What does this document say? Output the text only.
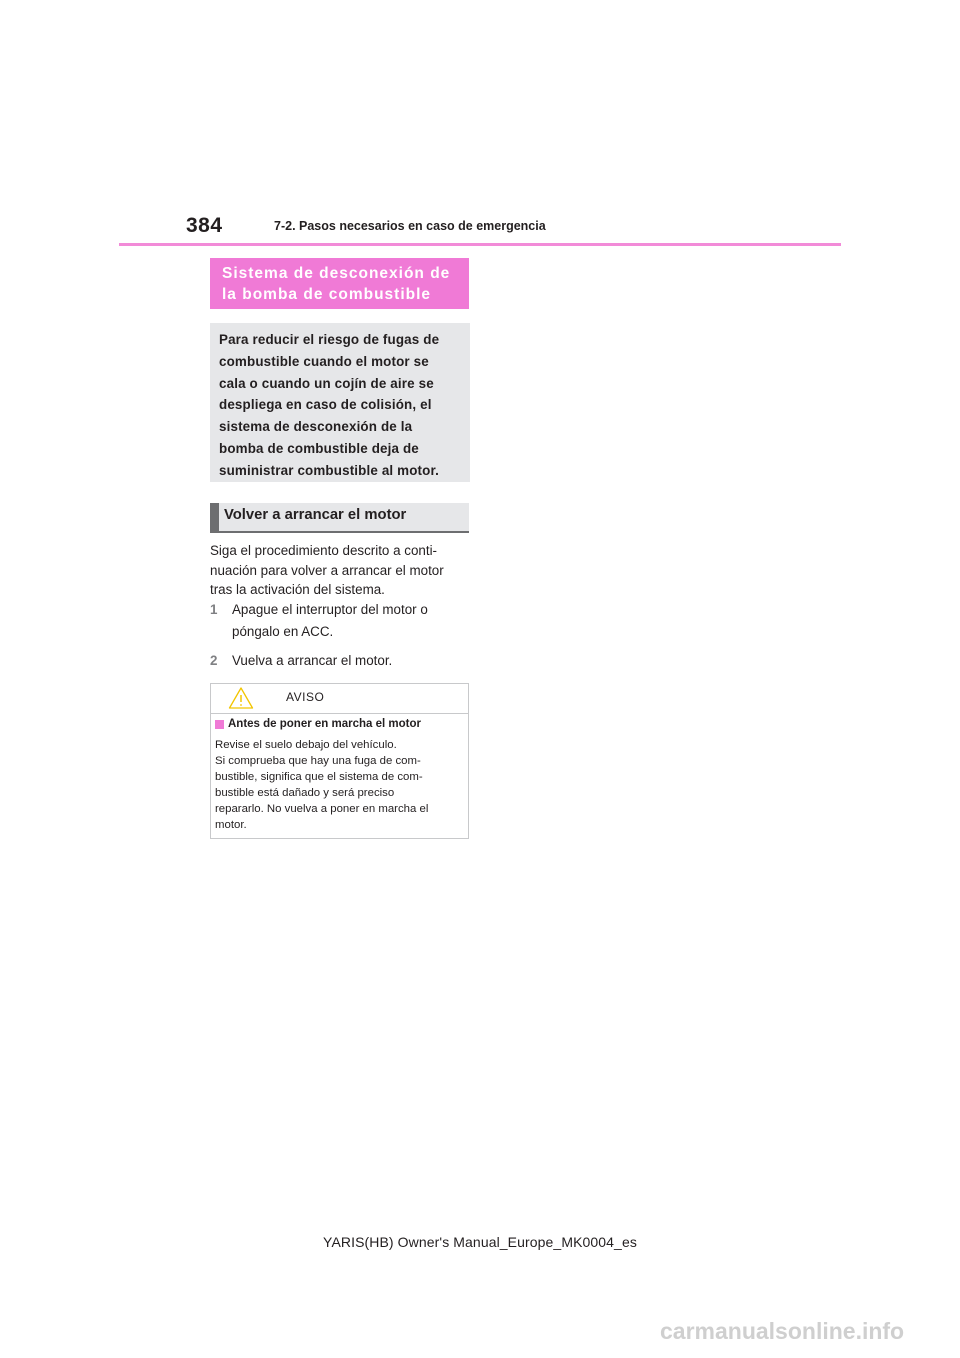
384	7-2. Pasos necesarios en caso de emergencia
Sistema de desconexión de
la bomba de combustible
Para reducir el riesgo de fugas de
combustible cuando el motor se
cala o cuando un cojín de aire se
despliega en caso de colisión, el
sistema de desconexión de la
bomba de combustible deja de
suministrar combustible al motor.
Volver a arrancar el motor
Siga el procedimiento descrito a conti-
nuación para volver a arrancar el motor
tras la activación del sistema.
1	Apague el interruptor del motor o
póngalo en ACC.
2	Vuelva a arrancar el motor.
AVISO
Antes de poner en marcha el motor
Revise el suelo debajo del vehículo.
Si comprueba que hay una fuga de com-
bustible, significa que el sistema de com-
bustible está dañado y será preciso
repararlo. No vuelva a poner en marcha el
motor.
YARIS(HB) Owner's Manual_Europe_MK0004_es
carmanualsonline.info
